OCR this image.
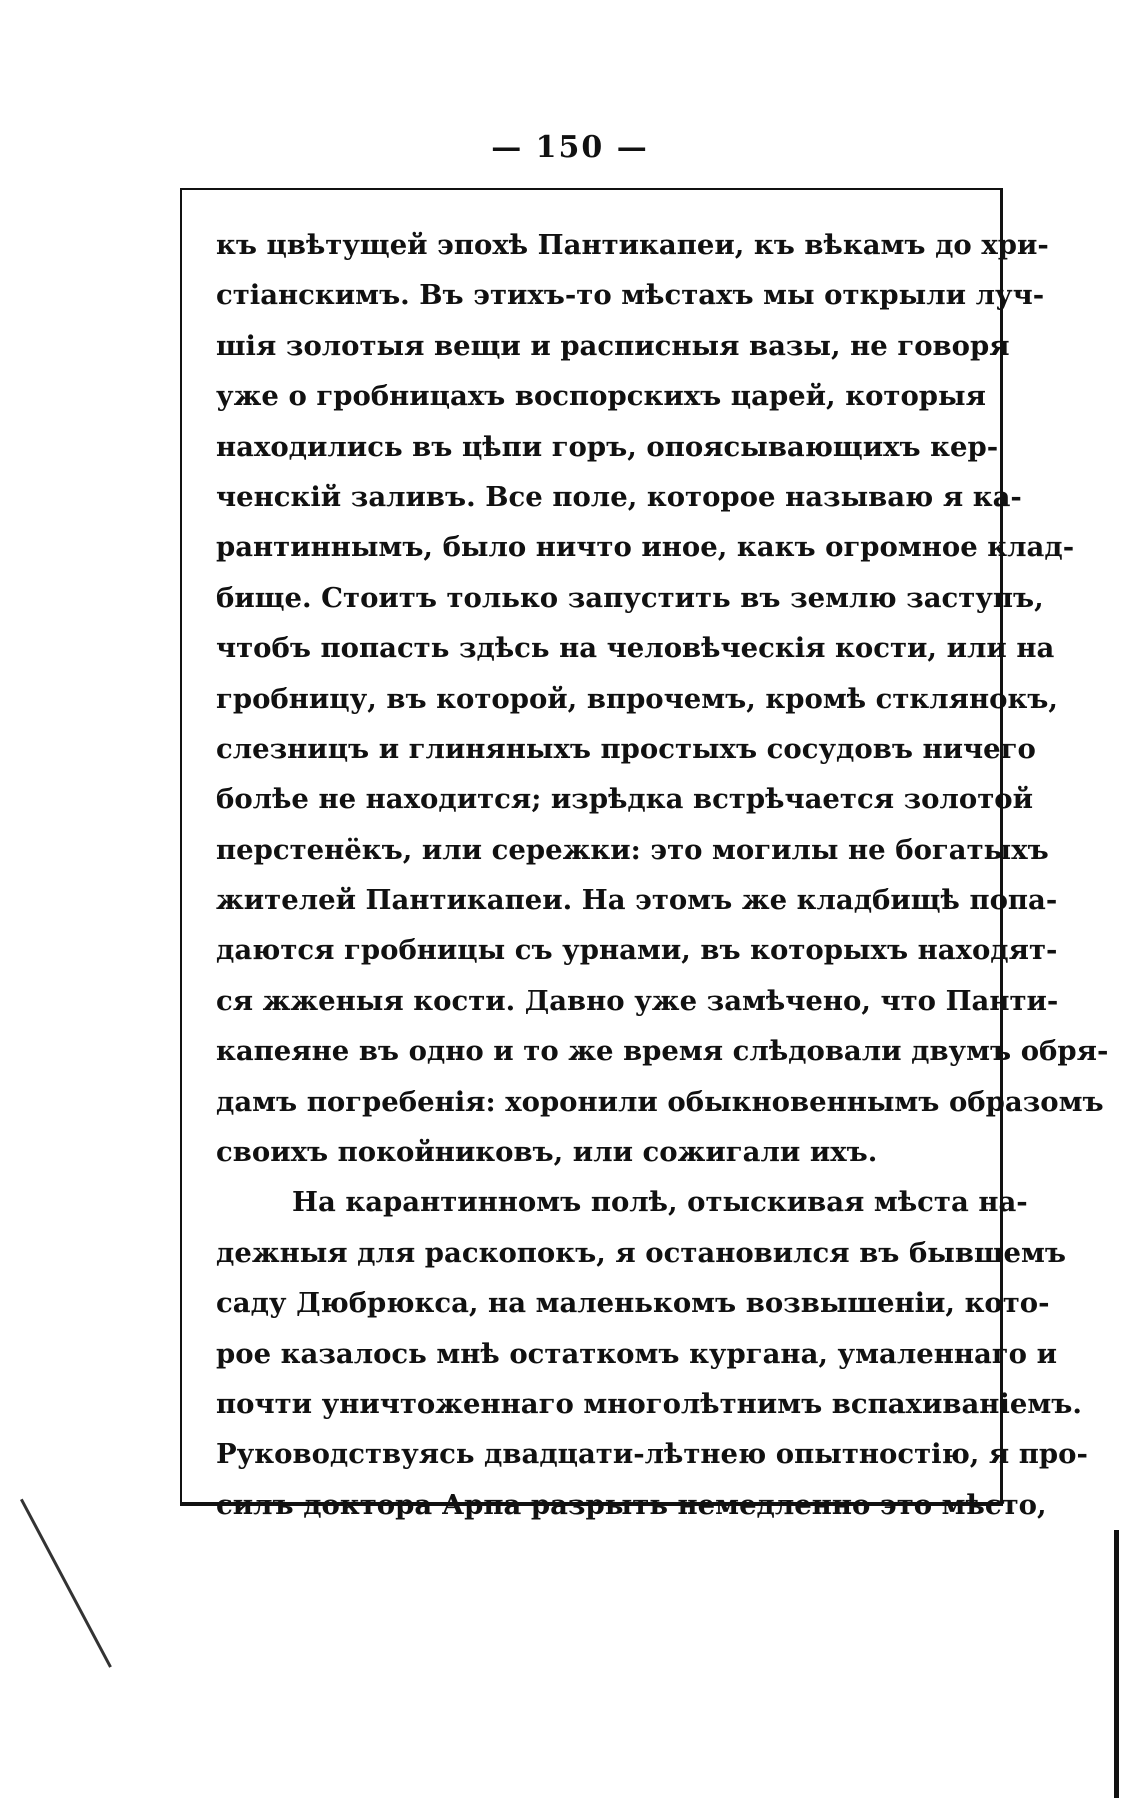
— 150 —
къ цвѣтущей эпохѣ Пантикапеи, къ вѣкамъ до хри-
стіанскимъ. Въ этихъ-то мѣстахъ мы открыли луч-
шія золотыя вещи и расписныя вазы, не говоря
уже о гробницахъ воспорскихъ царей, которыя
находились въ цѣпи горъ, опоясывающихъ кер-
ченскій заливъ. Все поле, которое называю я ка-
рантиннымъ, было ничто иное, какъ огромное клад-
бище. Стоитъ только запустить въ землю заступъ,
чтобъ попасть здѣсь на человѣческія кости, или на
гробницу, въ которой, впрочемъ, кромѣ стклянокъ,
слезницъ и глиняныхъ простыхъ сосудовъ ничего
болѣе не находится; изрѣдка встрѣчается золотой
перстенёкъ, или сережки: это могилы не богатыхъ
жителей Пантикапеи. На этомъ же кладбищѣ попа-
даются гробницы съ урнами, въ которыхъ находят-
ся жженыя кости. Давно уже замѣчено, что Панти-
капеяне въ одно и то же время слѣдовали двумъ обря-
дамъ погребенія: хоронили обыкновеннымъ образомъ
своихъ покойниковъ, или сожигали ихъ.
На карантинномъ полѣ, отыскивая мѣста на-
дежныя для раскопокъ, я остановился въ бывшемъ
саду Дюбрюкса, на маленькомъ возвышеніи, кото-
рое казалось мнѣ остаткомъ кургана, умаленнаго и
почти уничтоженнаго многолѣтнимъ вспахиваніемъ.
Руководствуясь двадцати-лѣтнею опытностію, я про-
силъ доктора Арпа разрыть немедленно это мѣсто,
